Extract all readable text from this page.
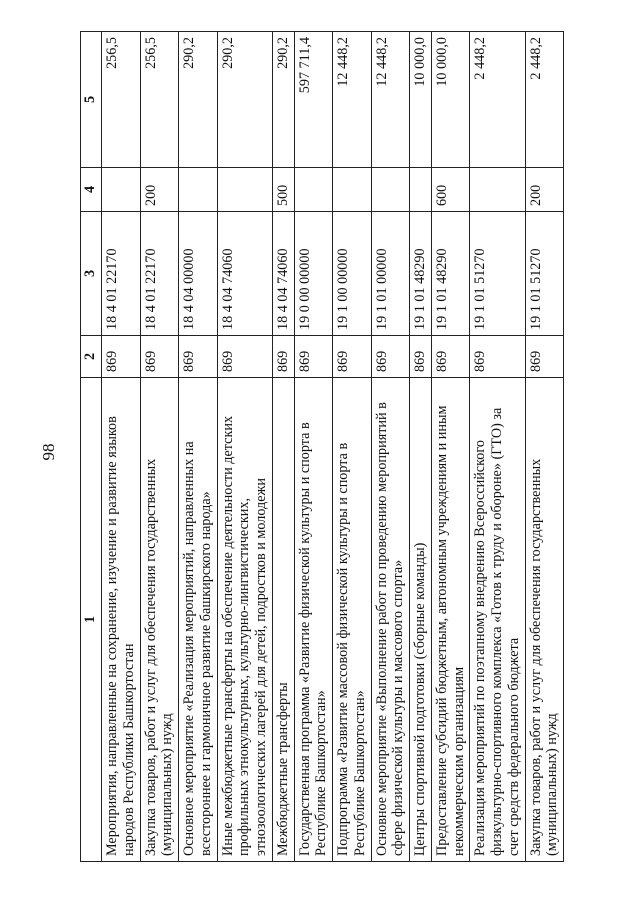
98
1	2	3	4	5
Мероприятия, направленные на сохранение, изучение и развитие языков народов Республики Башкортостан	869	18 4 01 22170		256,5
Закупка товаров, работ и услуг для обеспечения государственных (муниципальных) нужд	869	18 4 01 22170	200	256,5
Основное мероприятие «Реализация мероприятий, направленных на всестороннее и гармоничное развитие башкирского народа»	869	18 4 04 00000		290,2
Иные межбюджетные трансферты на обеспечение деятельности детских профильных этнокультурных, культурно-лингвистических, этнозоологических лагерей для детей, подростков и молодежи	869	18 4 04 74060		290,2
Межбюджетные трансферты	869	18 4 04 74060	500	290,2
Государственная программа «Развитие физической культуры и спорта в Республике Башкортостан»	869	19 0 00 00000		597 711,4
Подпрограмма «Развитие массовой физической культуры и спорта в Республике Башкортостан»	869	19 1 00 00000		12 448,2
Основное мероприятие «Выполнение работ по проведению мероприятий в сфере физической культуры и массового спорта»	869	19 1 01 00000		12 448,2
Центры спортивной подготовки (сборные команды)	869	19 1 01 48290		10 000,0
Предоставление субсидий бюджетным, автономным учреждениям и иным некоммерческим организациям	869	19 1 01 48290	600	10 000,0
Реализация мероприятий по поэтапному внедрению Всероссийского физкультурно-спортивного комплекса «Готов к труду и обороне» (ГТО) за счет средств федерального бюджета	869	19 1 01 51270		2 448,2
Закупка товаров, работ и услуг для обеспечения государственных (муниципальных) нужд	869	19 1 01 51270	200	2 448,2
